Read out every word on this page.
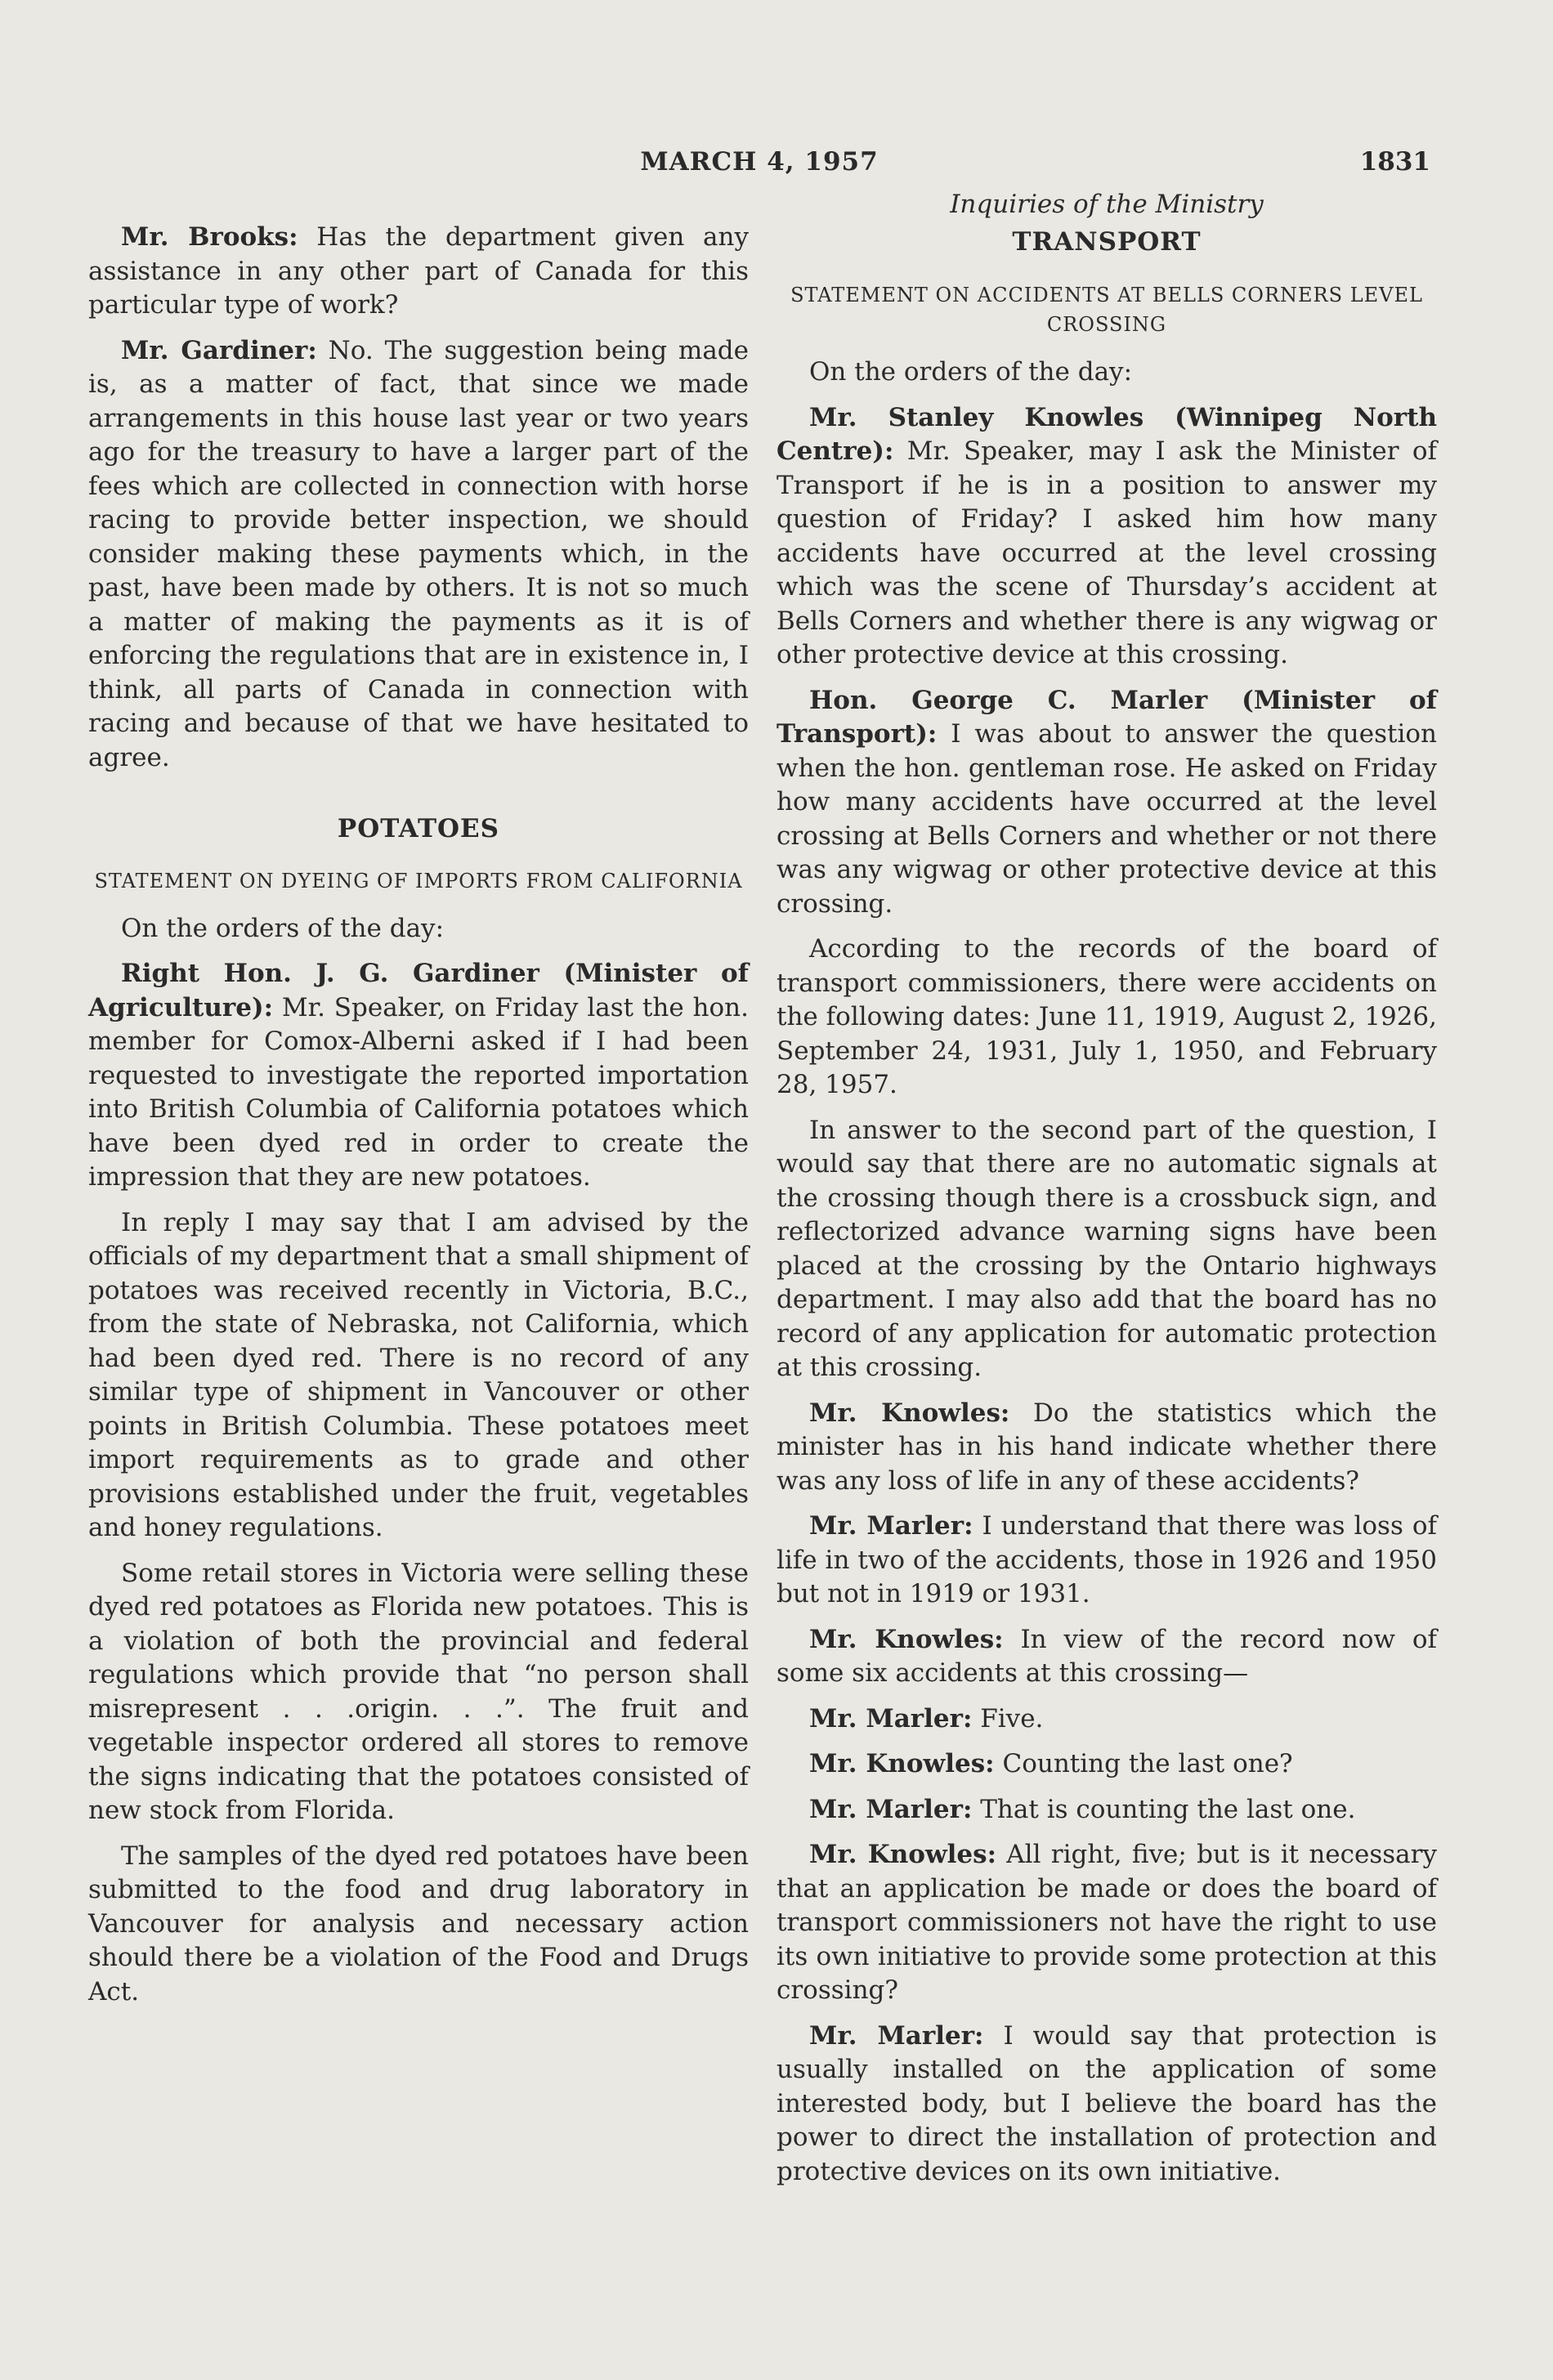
MARCH 4, 1957	1831

Mr. Brooks: Has the department given any assistance in any other part of Canada for this particular type of work?

Mr. Gardiner: No. The suggestion being made is, as a matter of fact, that since we made arrangements in this house last year or two years ago for the treasury to have a larger part of the fees which are collected in connection with horse racing to provide better inspection, we should consider making these payments which, in the past, have been made by others. It is not so much a matter of making the payments as it is of enforcing the regulations that are in existence in, I think, all parts of Canada in connection with racing and because of that we have hesitated to agree.

POTATOES

STATEMENT ON DYEING OF IMPORTS FROM CALIFORNIA

On the orders of the day:

Right Hon. J. G. Gardiner (Minister of Agriculture): Mr. Speaker, on Friday last the hon. member for Comox-Alberni asked if I had been requested to investigate the reported importation into British Columbia of California potatoes which have been dyed red in order to create the impression that they are new potatoes.

In reply I may say that I am advised by the officials of my department that a small shipment of potatoes was received recently in Victoria, B.C., from the state of Nebraska, not California, which had been dyed red. There is no record of any similar type of shipment in Vancouver or other points in British Columbia. These potatoes meet import requirements as to grade and other provisions established under the fruit, vegetables and honey regulations.

Some retail stores in Victoria were selling these dyed red potatoes as Florida new potatoes. This is a violation of both the provincial and federal regulations which provide that “no person shall misrepresent . . .origin. . .”. The fruit and vegetable inspector ordered all stores to remove the signs indicating that the potatoes consisted of new stock from Florida.

The samples of the dyed red potatoes have been submitted to the food and drug laboratory in Vancouver for analysis and necessary action should there be a violation of the Food and Drugs Act.

Inquiries of the Ministry

TRANSPORT

STATEMENT ON ACCIDENTS AT BELLS CORNERS LEVEL CROSSING

On the orders of the day:

Mr. Stanley Knowles (Winnipeg North Centre): Mr. Speaker, may I ask the Minister of Transport if he is in a position to answer my question of Friday? I asked him how many accidents have occurred at the level crossing which was the scene of Thursday’s accident at Bells Corners and whether there is any wigwag or other protective device at this crossing.

Hon. George C. Marler (Minister of Transport): I was about to answer the question when the hon. gentleman rose. He asked on Friday how many accidents have occurred at the level crossing at Bells Corners and whether or not there was any wigwag or other protective device at this crossing.

According to the records of the board of transport commissioners, there were accidents on the following dates: June 11, 1919, August 2, 1926, September 24, 1931, July 1, 1950, and February 28, 1957.

In answer to the second part of the question, I would say that there are no automatic signals at the crossing though there is a crossbuck sign, and reflectorized advance warning signs have been placed at the crossing by the Ontario highways department. I may also add that the board has no record of any application for automatic protection at this crossing.

Mr. Knowles: Do the statistics which the minister has in his hand indicate whether there was any loss of life in any of these accidents?

Mr. Marler: I understand that there was loss of life in two of the accidents, those in 1926 and 1950 but not in 1919 or 1931.

Mr. Knowles: In view of the record now of some six accidents at this crossing—

Mr. Marler: Five.

Mr. Knowles: Counting the last one?

Mr. Marler: That is counting the last one.

Mr. Knowles: All right, five; but is it necessary that an application be made or does the board of transport commissioners not have the right to use its own initiative to provide some protection at this crossing?

Mr. Marler: I would say that protection is usually installed on the application of some interested body, but I believe the board has the power to direct the installation of protection and protective devices on its own initiative.
